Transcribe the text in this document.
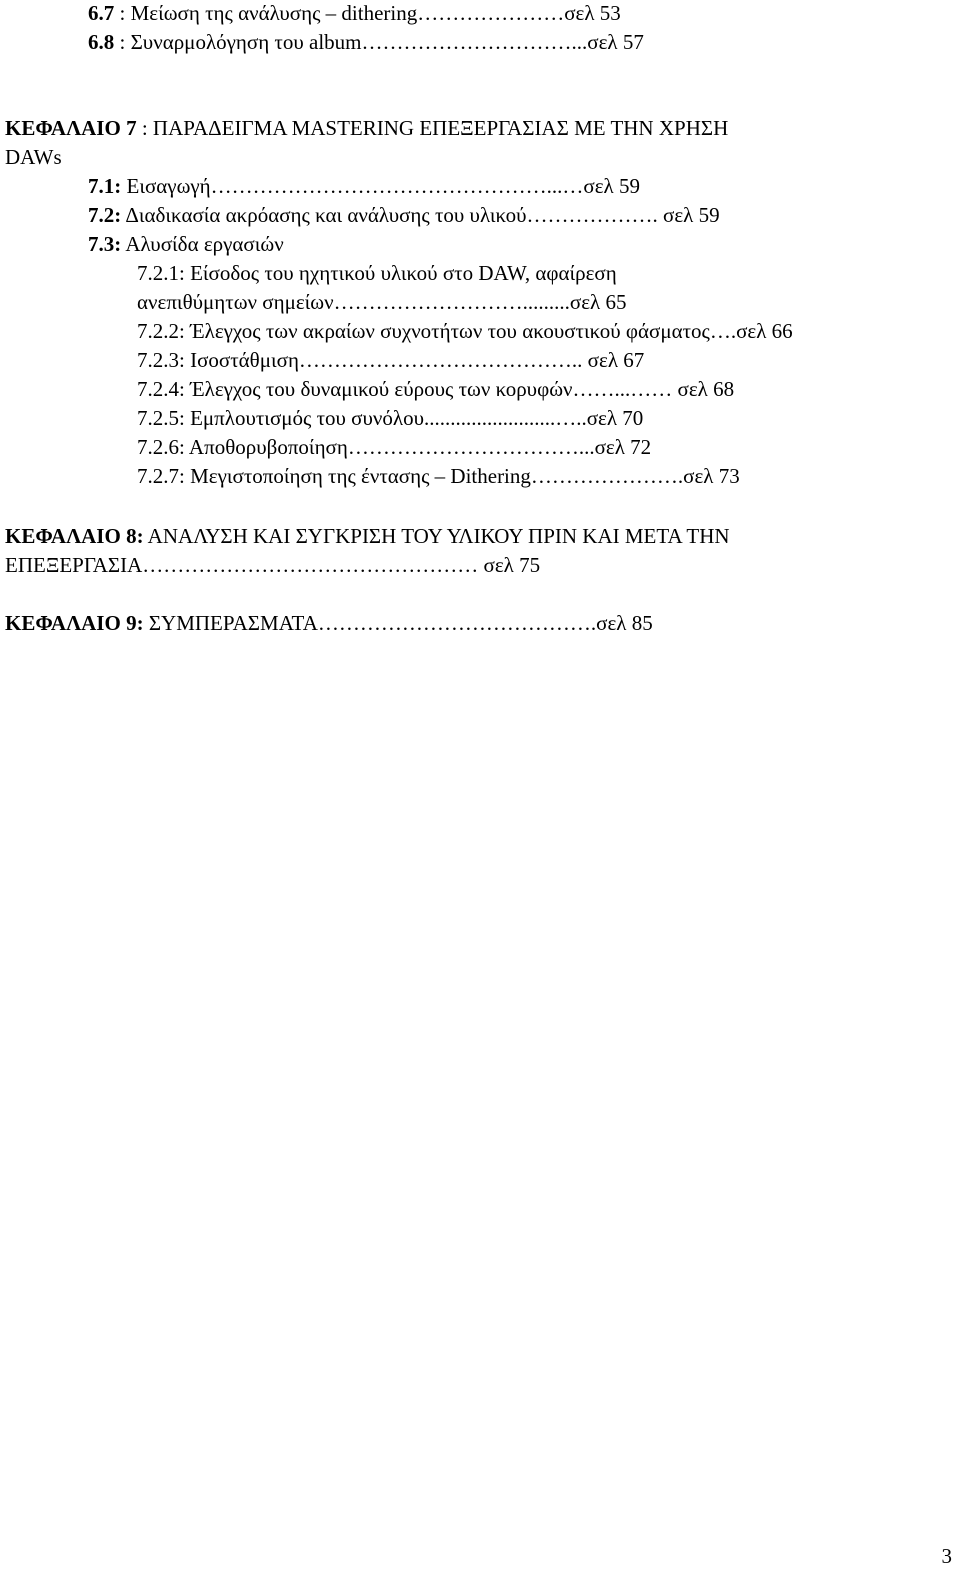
6.7 : Μείωση της ανάλυσης – dithering…………………σελ 53
6.8 : Συναρμολόγηση του album…………………………...σελ 57
ΚΕΦΑΛΑΙΟ 7 : ΠΑΡΑΔΕΙΓΜΑ MASTERING ΕΠΕΞΕΡΓΑΣΙΑΣ ΜΕ ΤΗΝ ΧΡΗΣΗ
DAWs
7.1: Εισαγωγή…………………………………………...…σελ 59
7.2: Διαδικασία ακρόασης και ανάλυσης του υλικού………………. σελ 59
7.3: Αλυσίδα εργασιών
7.2.1: Είσοδος του ηχητικού υλικού στο DAW, αφαίρεση
ανεπιθύμητων σημείων……………………….........σελ 65
7.2.2: Έλεγχος των ακραίων συχνοτήτων του ακουστικού φάσματος….σελ 66
7.2.3: Ισοστάθμιση………………………………….. σελ 67
7.2.4: Έλεγχος του δυναμικού εύρους των κορυφών……...…… σελ 68
7.2.5: Εμπλουτισμός του συνόλου.........................…..σελ 70
7.2.6: Αποθορυβοποίηση……………………………...σελ 72
7.2.7: Μεγιστοποίηση της έντασης – Dithering………………….σελ 73
ΚΕΦΑΛΑΙΟ 8: ΑΝΑΛΥΣΗ ΚΑΙ ΣΥΓΚΡΙΣΗ ΤΟΥ ΥΛΙΚΟΥ ΠΡΙΝ ΚΑΙ ΜΕΤΑ ΤΗΝ
ΕΠΕΞΕΡΓΑΣΙΑ………………………………………… σελ 75
ΚΕΦΑΛΑΙΟ 9: ΣΥΜΠΕΡΑΣΜΑΤΑ………………………………….σελ 85
3
